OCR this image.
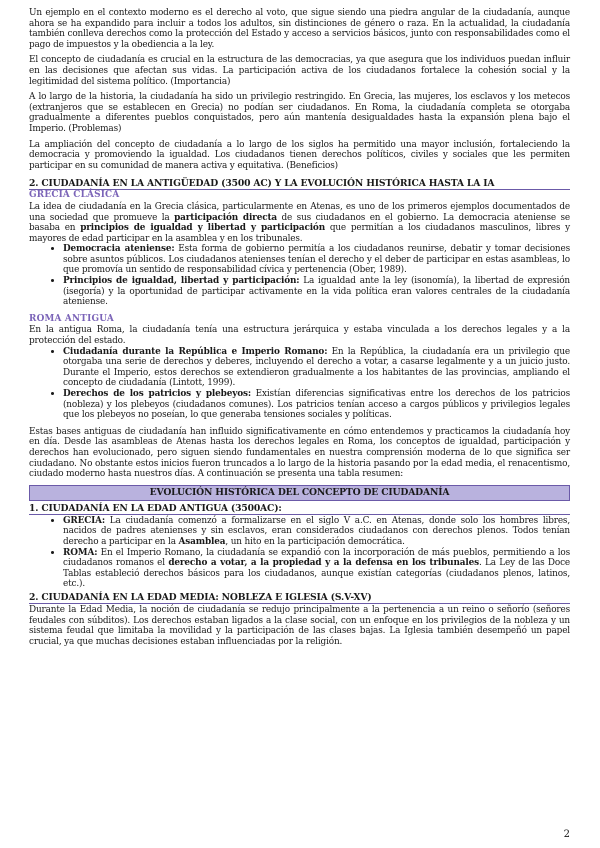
Un ejemplo en el contexto moderno es el derecho al voto, que sigue siendo una piedra angular de la ciudadanía, aunque ahora se ha expandido para incluir a todos los adultos, sin distinciones de género o raza. En la actualidad, la ciudadanía también conlleva derechos como la protección del Estado y acceso a servicios básicos, junto con responsabilidades como el pago de impuestos y la obediencia a la ley.

El concepto de ciudadanía es crucial en la estructura de las democracias, ya que asegura que los individuos puedan influir en las decisiones que afectan sus vidas. La participación activa de los ciudadanos fortalece la cohesión social y la legitimidad del sistema político. (Importancia)

A lo largo de la historia, la ciudadanía ha sido un privilegio restringido. En Grecia, las mujeres, los esclavos y los metecos (extranjeros que se establecen en Grecia) no podían ser ciudadanos. En Roma, la ciudadanía completa se otorgaba gradualmente a diferentes pueblos conquistados, pero aún mantenía desigualdades hasta la expansión plena bajo el Imperio. (Problemas)

La ampliación del concepto de ciudadanía a lo largo de los siglos ha permitido una mayor inclusión, fortaleciendo la democracia y promoviendo la igualdad. Los ciudadanos tienen derechos políticos, civiles y sociales que les permiten participar en su comunidad de manera activa y equitativa. (Beneficios)

2. CIUDADANÍA EN LA ANTIGÜEDAD (3500 AC) Y LA EVOLUCIÓN HISTÓRICA HASTA LA IA
GRECIA CLÁSICA

La idea de ciudadanía en la Grecia clásica, particularmente en Atenas, es uno de los primeros ejemplos documentados de una sociedad que promueve la participación directa de sus ciudadanos en el gobierno. La democracia ateniense se basaba en principios de igualdad y libertad y participación que permitían a los ciudadanos masculinos, libres y mayores de edad participar en la asamblea y en los tribunales.

• Democracia ateniense: Esta forma de gobierno permitía a los ciudadanos reunirse, debatir y tomar decisiones sobre asuntos públicos. Los ciudadanos atenienses tenían el derecho y el deber de participar en estas asambleas, lo que promovía un sentido de responsabilidad cívica y pertenencia (Ober, 1989).
• Principios de igualdad, libertad y participación: La igualdad ante la ley (isonomía), la libertad de expresión (isegoría) y la oportunidad de participar activamente en la vida política eran valores centrales de la ciudadanía ateniense.
ROMA ANTIGUA

En la antigua Roma, la ciudadanía tenía una estructura jerárquica y estaba vinculada a los derechos legales y a la protección del estado.

• Ciudadanía durante la República e Imperio Romano: En la República, la ciudadanía era un privilegio que otorgaba una serie de derechos y deberes, incluyendo el derecho a votar, a casarse legalmente y a un juicio justo. Durante el Imperio, estos derechos se extendieron gradualmente a los habitantes de las provincias, ampliando el concepto de ciudadanía (Lintott, 1999).
• Derechos de los patricios y plebeyos: Existían diferencias significativas entre los derechos de los patricios (nobleza) y los plebeyos (ciudadanos comunes). Los patricios tenían acceso a cargos públicos y privilegios legales que los plebeyos no poseían, lo que generaba tensiones sociales y políticas.

Estas bases antiguas de ciudadanía han influido significativamente en cómo entendemos y practicamos la ciudadanía hoy en día. Desde las asambleas de Atenas hasta los derechos legales en Roma, los conceptos de igualdad, participación y derechos han evolucionado, pero siguen siendo fundamentales en nuestra comprensión moderna de lo que significa ser ciudadano. No obstante estos inicios fueron truncados a lo largo de la historia pasando por la edad media, el renacentismo, ciudado moderno hasta nuestros días. A continuación se presenta una tabla resumen:

EVOLUCIÓN HISTÓRICA DEL CONCEPTO DE CIUDADANÍA
1. CIUDADANÍA EN LA EDAD ANTIGUA (3500AC):
• GRECIA: La ciudadanía comenzó a formalizarse en el siglo V a.C. en Atenas, donde solo los hombres libres, nacidos de padres atenienses y sin esclavos, eran considerados ciudadanos con derechos plenos. Todos tenían derecho a participar en la Asamblea, un hito en la participación democrática.
• ROMA: En el Imperio Romano, la ciudadanía se expandió con la incorporación de más pueblos, permitiendo a los ciudadanos romanos el derecho a votar, a la propiedad y a la defensa en los tribunales. La Ley de las Doce Tablas estableció derechos básicos para los ciudadanos, aunque existían categorías (ciudadanos plenos, latinos, etc.).
2. CIUDADANÍA EN LA EDAD MEDIA: NOBLEZA E IGLESIA (S.V-XV)

Durante la Edad Media, la noción de ciudadanía se redujo principalmente a la pertenencia a un reino o señorío (señores feudales con súbditos). Los derechos estaban ligados a la clase social, con un enfoque en los privilegios de la nobleza y un sistema feudal que limitaba la movilidad y la participación de las clases bajas. La Iglesia también desempeñó un papel crucial, ya que muchas decisiones estaban influenciadas por la religión.

2
